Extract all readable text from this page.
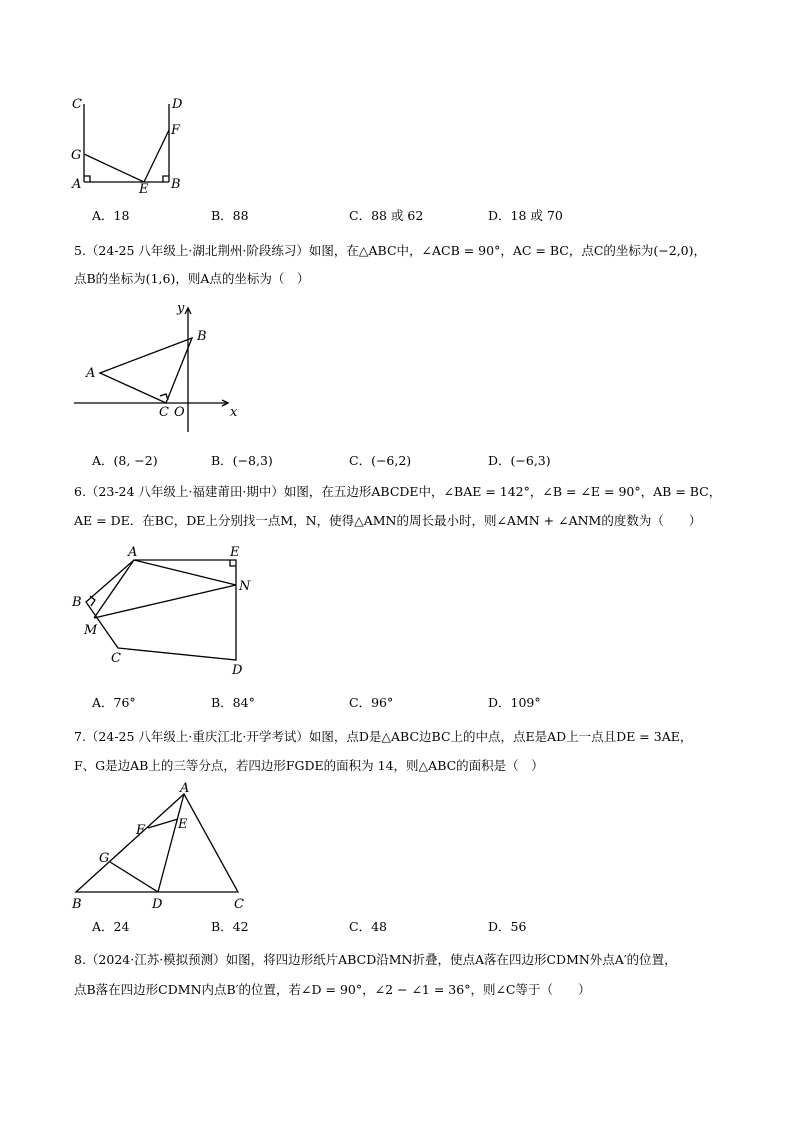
C	D
G
F
A	E B
A．18	B．88	C．88 或 62	D．18 或 70
5.（24-25 八年级上·湖北荆州·阶段练习）如图，在△ABC中，∠ACB = 90°，AC = BC，点C的坐标为(−2,0)，
点B的坐标为(1,6)，则A点的坐标为（　）
y
B
A
C O	x
A．(8, −2)	B．(−8,3)	C．(−6,2)	D．(−6,3)
6.（23-24 八年级上·福建莆田·期中）如图，在五边形ABCDE中，∠BAE = 142°，∠B = ∠E = 90°，AB = BC，
AE = DE．在BC，DE上分别找一点M，N，使得△AMN的周长最小时，则∠AMN + ∠ANM的度数为（　　）
A	E
N
B
M
C
D
A．76°	B．84°	C．96°	D．109°
7.（24-25 八年级上·重庆江北·开学考试）如图，点D是△ABC边BC上的中点，点E是AD上一点且DE = 3AE，
F、G是边AB上的三等分点，若四边形FGDE的面积为 14，则△ABC的面积是（　）
A
E
F
G
B	D	C
A．24	B．42	C．48	D．56
8.（2024·江苏·模拟预测）如图，将四边形纸片ABCD沿MN折叠，使点A落在四边形CDMN外点A′的位置，
点B落在四边形CDMN内点B′的位置，若∠D = 90°，∠2 − ∠1 = 36°，则∠C等于（　　）
